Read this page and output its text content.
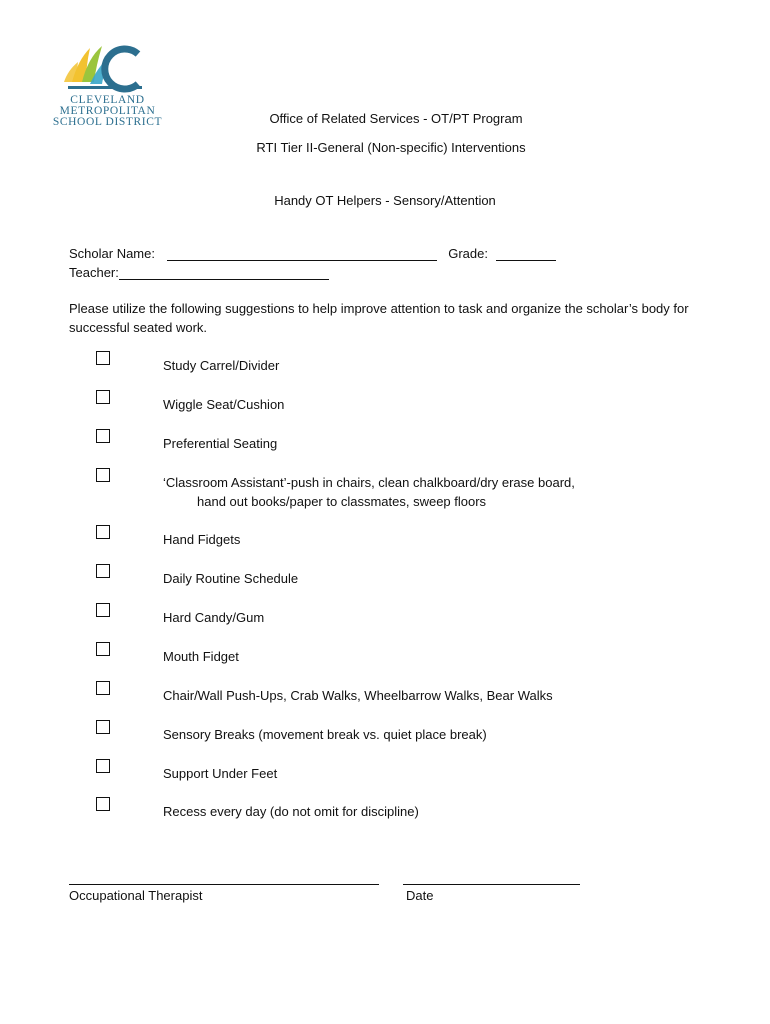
CLEVELAND
METROPOLITAN
SCHOOL DISTRICT	Office of Related Services - OT/PT Program
RTI Tier II-General (Non-specific) Interventions
Handy OT Helpers - Sensory/Attention
Scholar Name:	Grade:
Teacher:
Please utilize the following suggestions to help improve attention to task and organize the scholar’s body for successful seated work.
Study Carrel/Divider
Wiggle Seat/Cushion
Preferential Seating
‘Classroom Assistant’-push in chairs, clean chalkboard/dry erase board,
hand out books/paper to classmates, sweep floors
Hand Fidgets
Daily Routine Schedule
Hard Candy/Gum
Mouth Fidget
Chair/Wall Push-Ups, Crab Walks, Wheelbarrow Walks, Bear Walks
Sensory Breaks (movement break vs. quiet place break)
Support Under Feet
Recess every day (do not omit for discipline)
Occupational Therapist	Date
